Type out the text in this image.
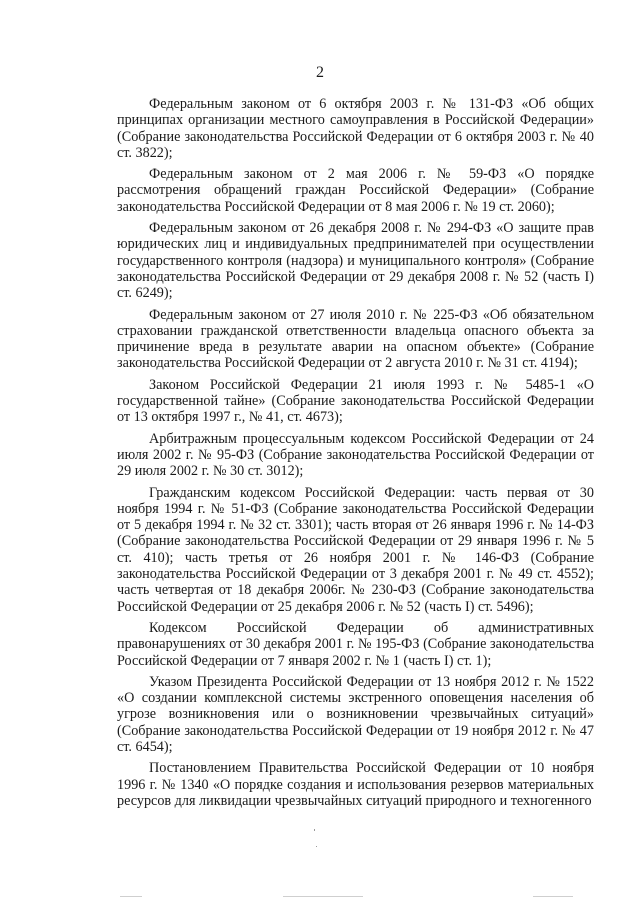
2

Федеральным законом от 6 октября 2003 г. № 131-ФЗ «Об общих принципах организации местного самоуправления в Российской Федерации» (Собрание законодательства Российской Федерации от 6 октября 2003 г. № 40 ст. 3822);

Федеральным законом от 2 мая 2006 г. № 59-ФЗ «О порядке рассмотрения обращений граждан Российской Федерации» (Собрание законодательства Российской Федерации от 8 мая 2006 г. № 19 ст. 2060);

Федеральным законом от 26 декабря 2008 г. № 294-ФЗ «О защите прав юридических лиц и индивидуальных предпринимателей при осуществлении государственного контроля (надзора) и муниципального контроля» (Собрание законодательства Российской Федерации от 29 декабря 2008 г. № 52 (часть I) ст. 6249);

Федеральным законом от 27 июля 2010 г. № 225-ФЗ «Об обязательном страховании гражданской ответственности владельца опасного объекта за причинение вреда в результате аварии на опасном объекте» (Собрание законодательства Российской Федерации от 2 августа 2010 г. № 31 ст. 4194);

Законом Российской Федерации 21 июля 1993 г. № 5485-1 «О государственной тайне» (Собрание законодательства Российской Федерации от 13 октября 1997 г., № 41, ст. 4673);

Арбитражным процессуальным кодексом Российской Федерации от 24 июля 2002 г. № 95-ФЗ (Собрание законодательства Российской Федерации от 29 июля 2002 г. № 30 ст. 3012);

Гражданским кодексом Российской Федерации: часть первая от 30 ноября 1994 г. № 51-ФЗ (Собрание законодательства Российской Федерации от 5 декабря 1994 г. № 32 ст. 3301); часть вторая от 26 января 1996 г. № 14-ФЗ (Собрание законодательства Российской Федерации от 29 января 1996 г. № 5 ст. 410); часть третья от 26 ноября 2001 г. № 146-ФЗ (Собрание законодательства Российской Федерации от 3 декабря 2001 г. № 49 ст. 4552); часть четвертая от 18 декабря 2006г. № 230-ФЗ (Собрание законодательства Российской Федерации от 25 декабря 2006 г. № 52 (часть I) ст. 5496);

Кодексом Российской Федерации об административных правонарушениях от 30 декабря 2001 г. № 195-ФЗ (Собрание законодательства Российской Федерации от 7 января 2002 г. № 1 (часть I) ст. 1);

Указом Президента Российской Федерации от 13 ноября 2012 г. № 1522 «О создании комплексной системы экстренного оповещения населения об угрозе возникновения или о возникновении чрезвычайных ситуаций» (Собрание законодательства Российской Федерации от 19 ноября 2012 г. № 47 ст. 6454);

Постановлением Правительства Российской Федерации от 10 ноября 1996 г. № 1340 «О порядке создания и использования резервов материальных ресурсов для ликвидации чрезвычайных ситуаций природного и техногенного
